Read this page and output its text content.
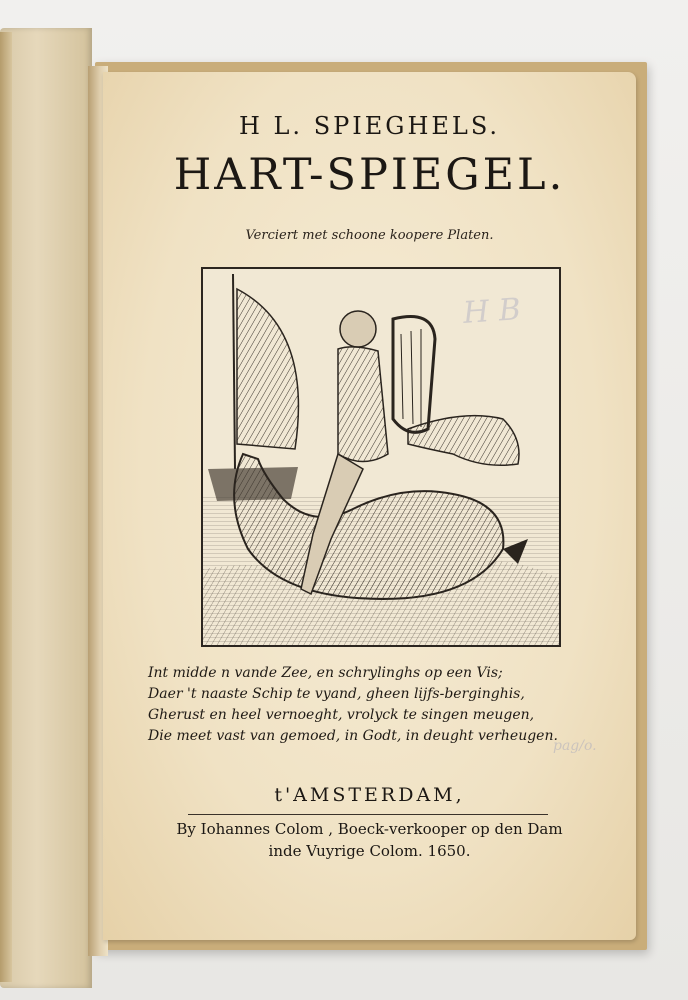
H L. SPIEGHELS.
HART-SPIEGEL.
Verciert met schoone koopere Platen.
H B
Int midde n vande Zee, en schrylinghs op een Vis;
Daer 't naaste Schip te vyand, gheen lijfs-berginghis,
Gherust en heel vernoeght, vrolyck te singen meugen,
Die meet vast van gemoed, in Godt, in deught verheugen.
pag/o.
t'AMSTERDAM,
By Iohannes Colom , Boeck-verkooper op den Dam
inde Vuyrige Colom. 1650.
